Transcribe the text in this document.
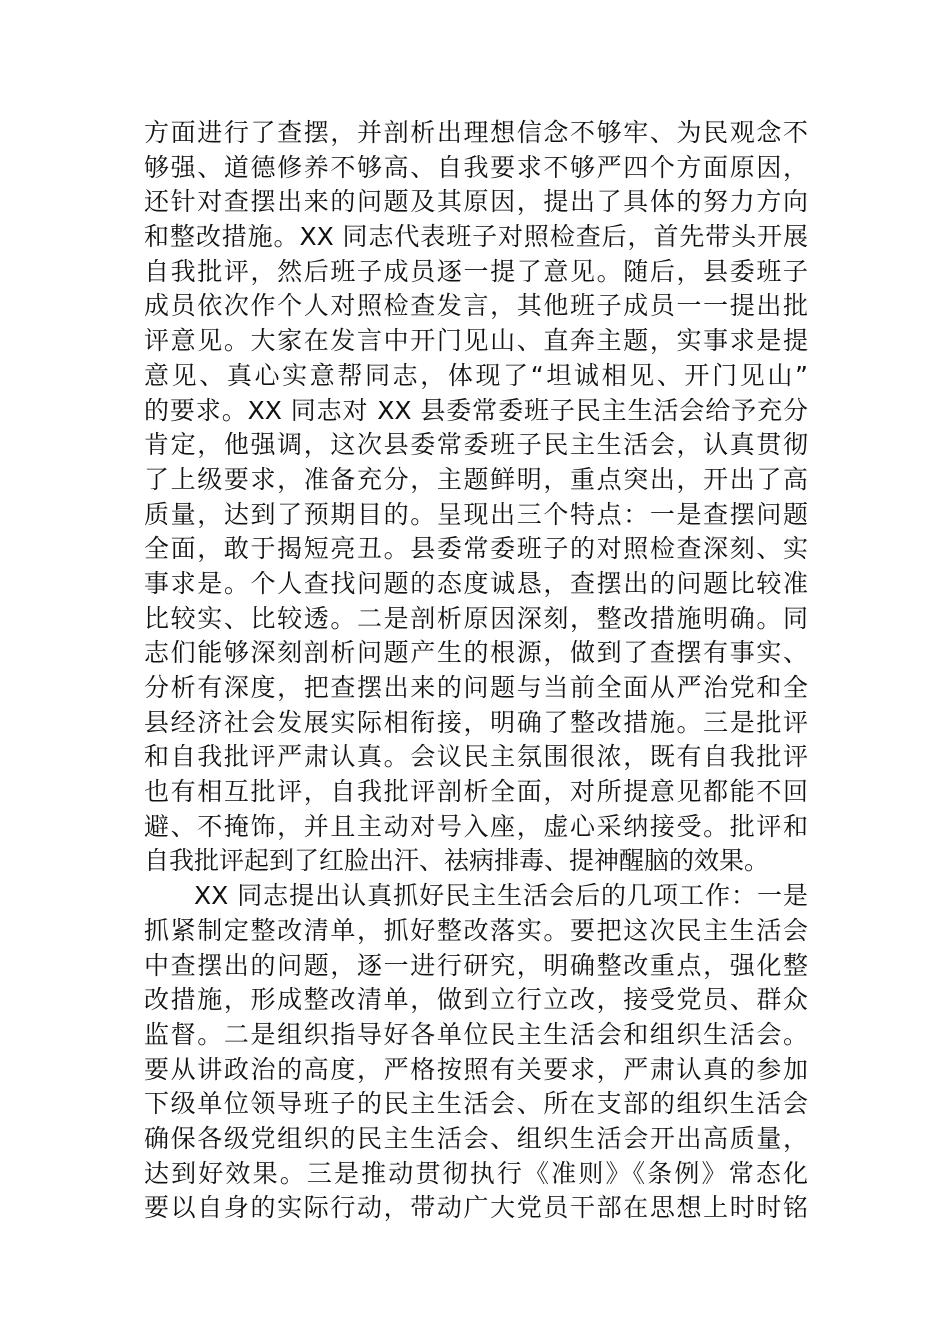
方面进行了查摆，并剖析出理想信念不够牢、为民观念不
够强、道德修养不够高、自我要求不够严四个方面原因，
还针对查摆出来的问题及其原因，提出了具体的努力方向
和整改措施。XX 同志代表班子对照检查后，首先带头开展
自我批评，然后班子成员逐一提了意见。随后，县委班子
成员依次作个人对照检查发言，其他班子成员一一提出批
评意见。大家在发言中开门见山、直奔主题，实事求是提
意见、真心实意帮同志，体现了“坦诚相见、开门见山”
的要求。XX 同志对 XX 县委常委班子民主生活会给予充分
肯定，他强调，这次县委常委班子民主生活会，认真贯彻
了上级要求，准备充分，主题鲜明，重点突出，开出了高
质量，达到了预期目的。呈现出三个特点：一是查摆问题
全面，敢于揭短亮丑。县委常委班子的对照检查深刻、实
事求是。个人查找问题的态度诚恳，查摆出的问题比较准
比较实、比较透。二是剖析原因深刻，整改措施明确。同
志们能够深刻剖析问题产生的根源，做到了查摆有事实、
分析有深度，把查摆出来的问题与当前全面从严治党和全
县经济社会发展实际相衔接，明确了整改措施。三是批评
和自我批评严肃认真。会议民主氛围很浓，既有自我批评
也有相互批评，自我批评剖析全面，对所提意见都能不回
避、不掩饰，并且主动对号入座，虚心采纳接受。批评和
自我批评起到了红脸出汗、祛病排毒、提神醒脑的效果。
XX 同志提出认真抓好民主生活会后的几项工作：一是
抓紧制定整改清单，抓好整改落实。要把这次民主生活会
中查摆出的问题，逐一进行研究，明确整改重点，强化整
改措施，形成整改清单，做到立行立改，接受党员、群众
监督。二是组织指导好各单位民主生活会和组织生活会。
要从讲政治的高度，严格按照有关要求，严肃认真的参加
下级单位领导班子的民主生活会、所在支部的组织生活会
确保各级党组织的民主生活会、组织生活会开出高质量，
达到好效果。三是推动贯彻执行《准则》《条例》常态化
要以自身的实际行动，带动广大党员干部在思想上时时铭
